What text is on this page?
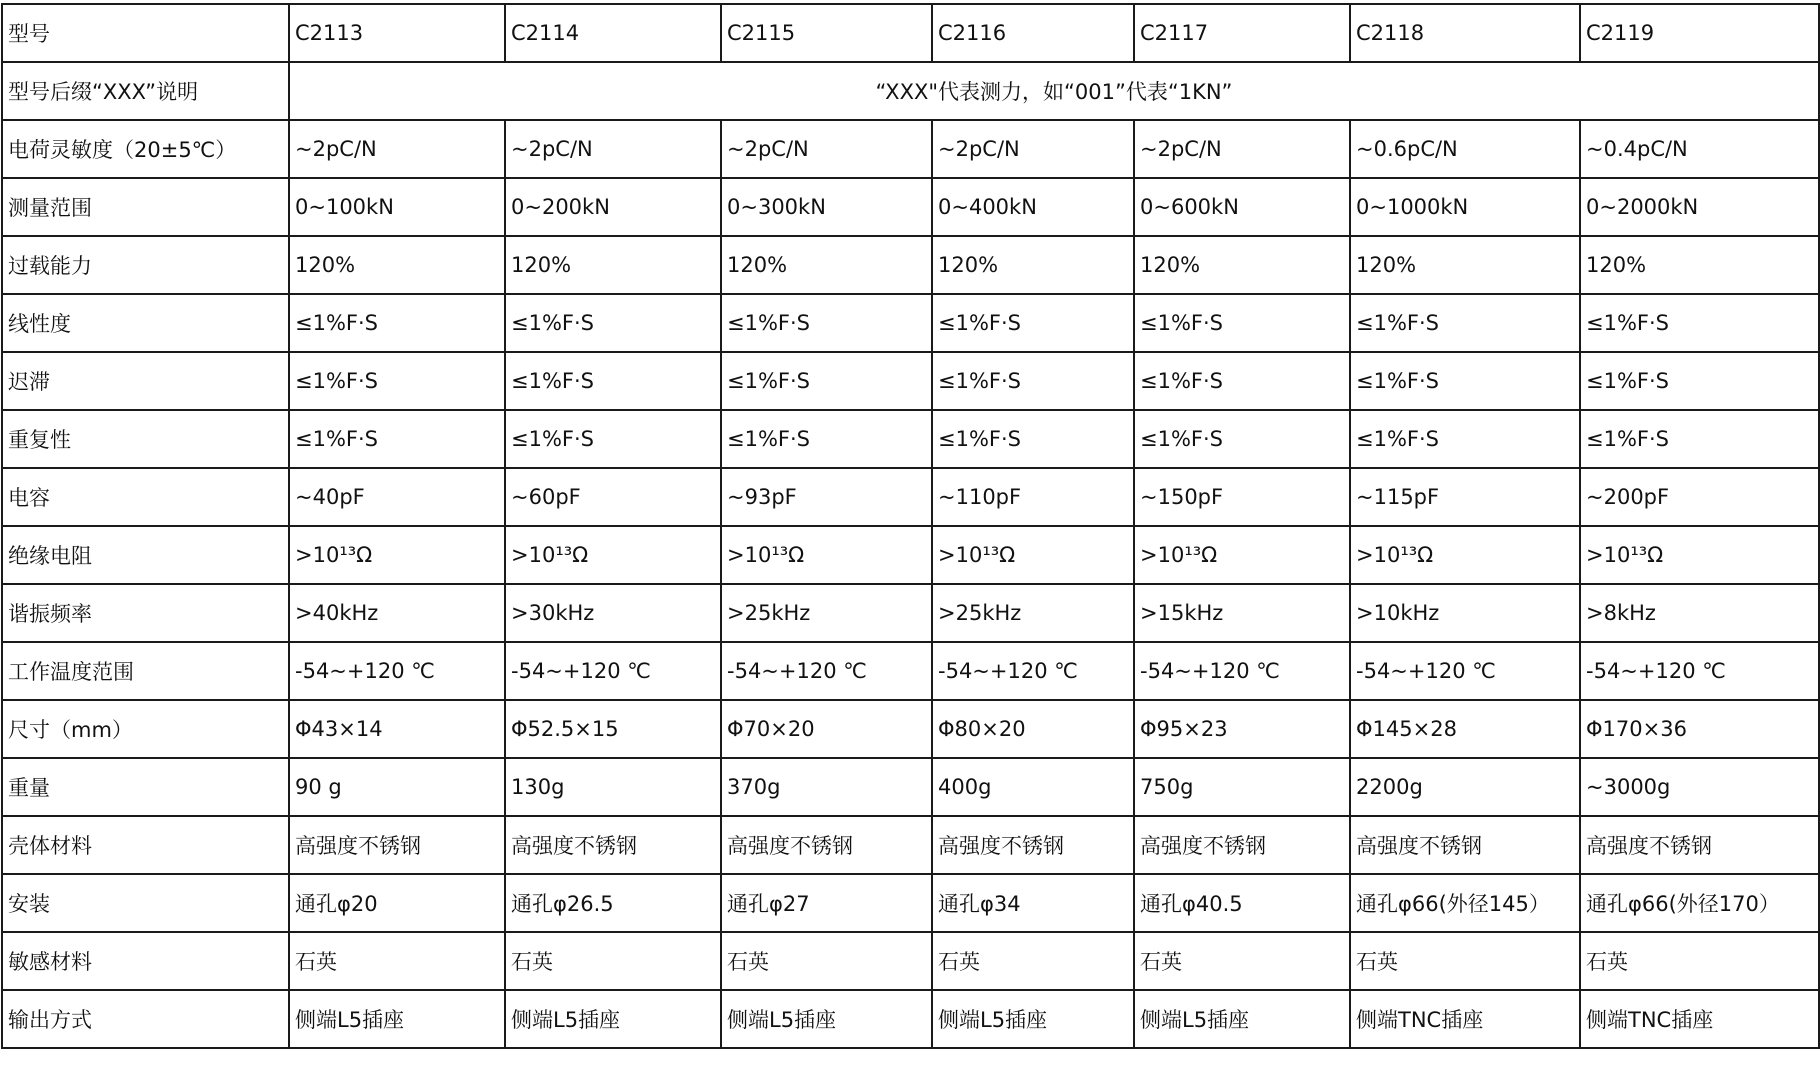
型号	C2113	C2114	C2115	C2116	C2117	C2118	C2119
型号后缀“XXX”说明	“XXX"代表测力，如“001”代表“1KN”						
电荷灵敏度（20±5℃）	~2pC/N	~2pC/N	~2pC/N	~2pC/N	~2pC/N	~0.6pC/N	~0.4pC/N
测量范围	0~100kN	0~200kN	0~300kN	0~400kN	0~600kN	0~1000kN	0~2000kN
过载能力	120%	120%	120%	120%	120%	120%	120%
线性度	≤1%F·S	≤1%F·S	≤1%F·S	≤1%F·S	≤1%F·S	≤1%F·S	≤1%F·S
迟滞	≤1%F·S	≤1%F·S	≤1%F·S	≤1%F·S	≤1%F·S	≤1%F·S	≤1%F·S
重复性	≤1%F·S	≤1%F·S	≤1%F·S	≤1%F·S	≤1%F·S	≤1%F·S	≤1%F·S
电容	~40pF	~60pF	~93pF	~110pF	~150pF	~115pF	~200pF
绝缘电阻	>10¹³Ω	>10¹³Ω	>10¹³Ω	>10¹³Ω	>10¹³Ω	>10¹³Ω	>10¹³Ω
谐振频率	>40kHz	>30kHz	>25kHz	>25kHz	>15kHz	>10kHz	>8kHz
工作温度范围	-54~+120 ℃	-54~+120 ℃	-54~+120 ℃	-54~+120 ℃	-54~+120 ℃	-54~+120 ℃	-54~+120 ℃
尺寸（mm）	Φ43×14	Φ52.5×15	Φ70×20	Φ80×20	Φ95×23	Φ145×28	Φ170×36
重量	90 g	130g	370g	400g	750g	2200g	~3000g
壳体材料	高强度不锈钢	高强度不锈钢	高强度不锈钢	高强度不锈钢	高强度不锈钢	高强度不锈钢	高强度不锈钢
安装	通孔φ20	通孔φ26.5	通孔φ27	通孔φ34	通孔φ40.5	通孔φ66(外径145）	通孔φ66(外径170）
敏感材料	石英	石英	石英	石英	石英	石英	石英
输出方式	侧端L5插座	侧端L5插座	侧端L5插座	侧端L5插座	侧端L5插座	侧端TNC插座	侧端TNC插座
